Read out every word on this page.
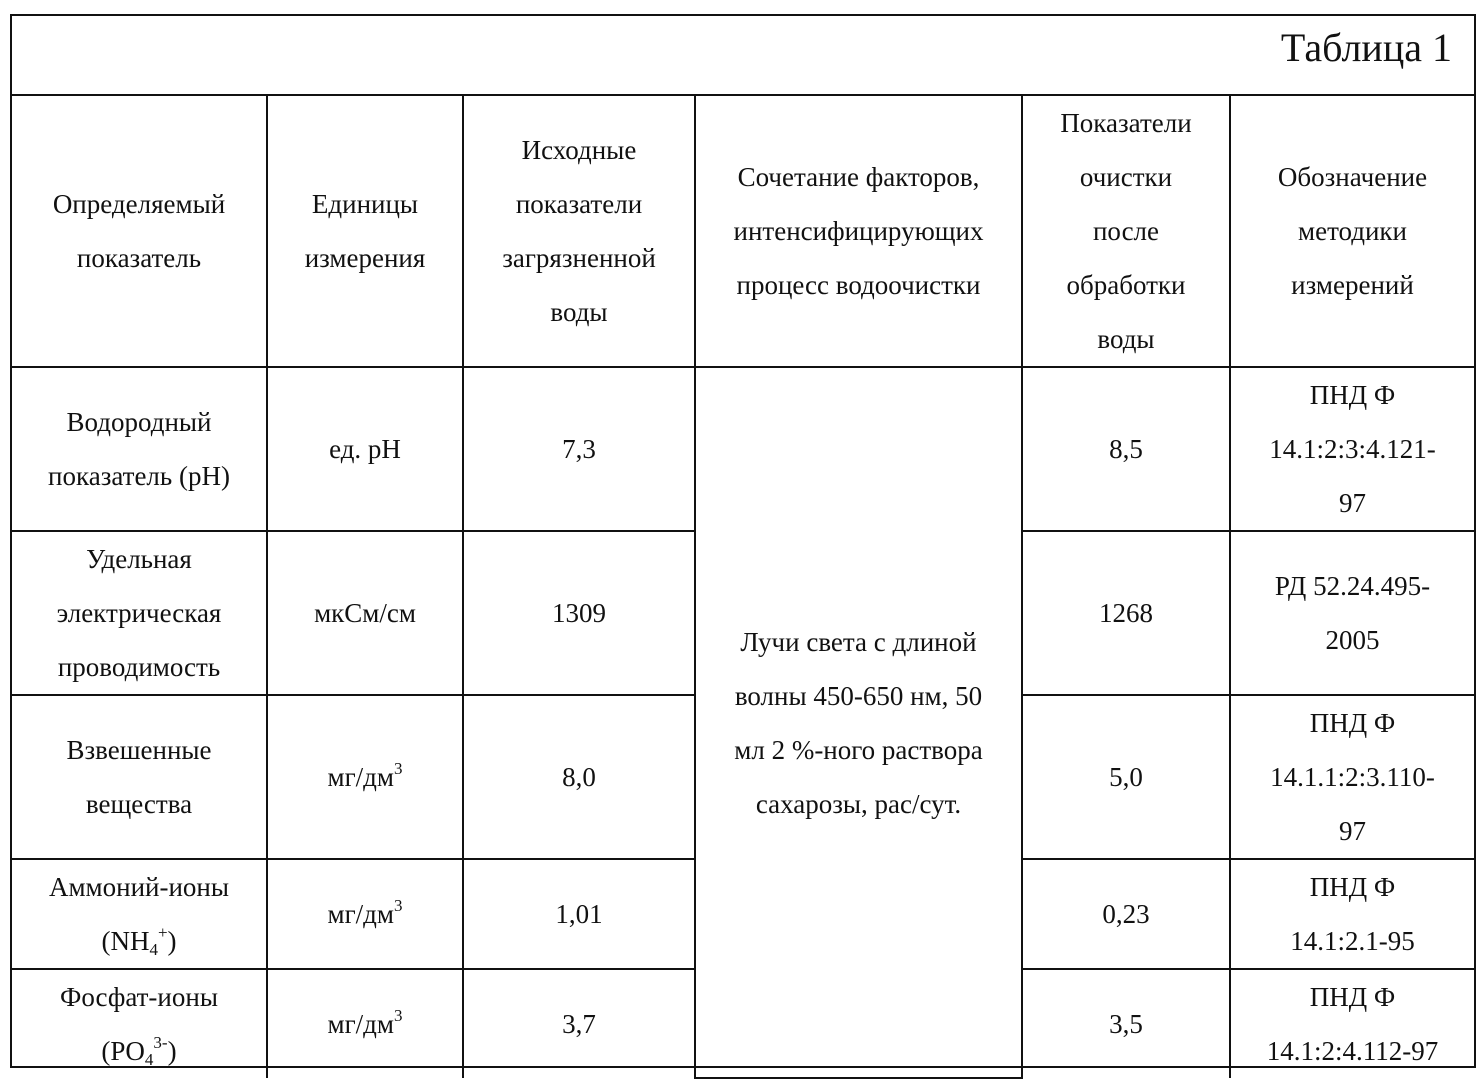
Таблица 1
Определяемый
показатель	Единицы
измерения	Исходные
показатели
загрязненной
воды	Сочетание факторов,
интенсифицирующих
процесс водоочистки	Показатели
очистки
после
обработки
воды	Обозначение
методики
измерений

Водородный
показатель (рН)	ед. рН	7,3	Лучи света с длиной
волны 450-650 нм, 50
мл 2 %-ного раствора
сахарозы, рас/сут.	8,5	ПНД Ф
14.1:2:3:4.121-
97

Удельная
электрическая
проводимость	мкСм/см	1309		1268	РД 52.24.495-
2005

Взвешенные
вещества	$мг/дм^3$	8,0		5,0	ПНД Ф
14.1.1:2:3.110-
97

Аммоний-ионы
$(NH_4^+)$	$мг/дм^3$	1,01		0,23	ПНД Ф
14.1:2.1-95

Фосфат-ионы
$(PO_4^{3-})$	$мг/дм^3$	3,7		3,5	ПНД Ф
14.1:2:4.112-97
